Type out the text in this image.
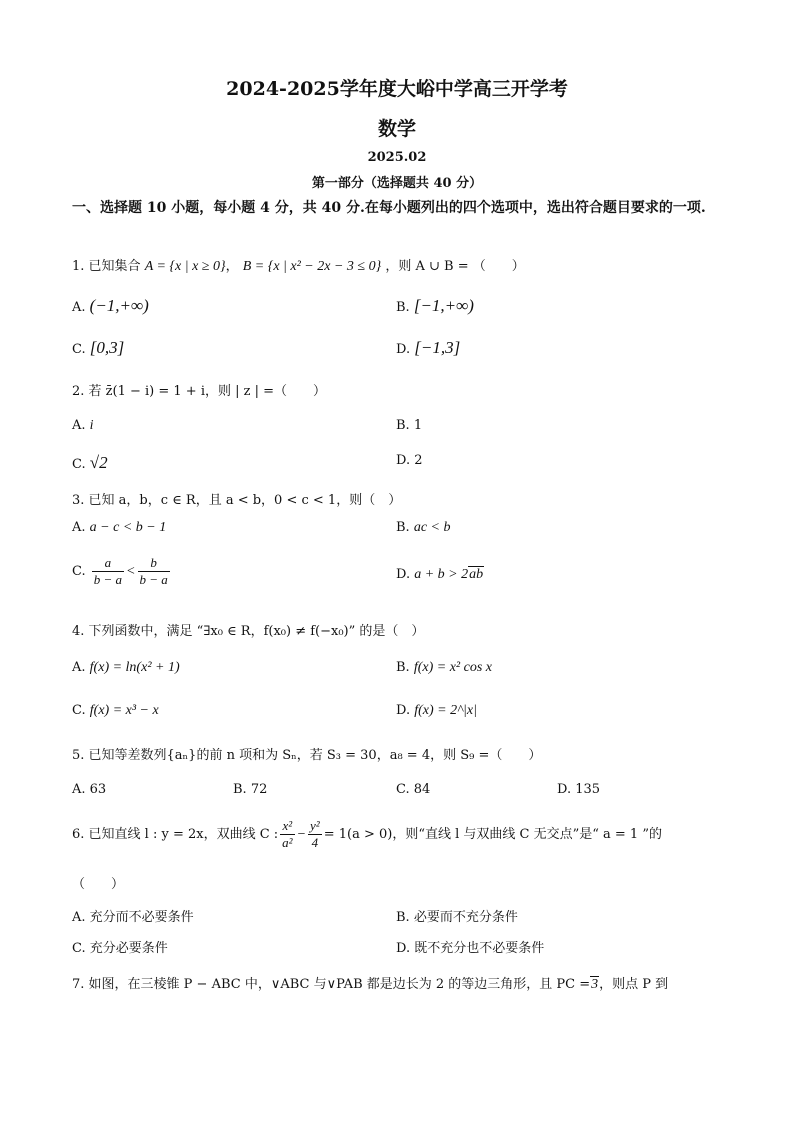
2024-2025学年度大峪中学高三开学考
数学
2025.02
第一部分（选择题共 40 分）
一、选择题 10 小题，每小题 4 分，共 40 分.在每小题列出的四个选项中，选出符合题目要求的一项.
1. 已知集合 A = {x | x ≥ 0}， B = {x | x² − 2x − 3 ≤ 0} ，则 A ∪ B = （　　）
A. (−1,+∞)	B. [−1,+∞)
C. [0,3]	D. [−1,3]
2. 若 z̄(1 − i) = 1 + i，则 | z | =（　　）
A. i	B. 1
C. √2	D. 2
3. 已知 a，b，c ∈ R，且 a < b，0 < c < 1，则（　）
A. a − c < b − 1	B. ac < b
C. $\frac{a}{b - a} < \frac{b}{b - a}$	D. a + b > 2ab
4. 下列函数中，满足 “∃x₀ ∈ R，f(x₀) ≠ f(−x₀)” 的是（　）
A. f(x) = ln(x² + 1)	B. f(x) = x² cos x
C. f(x) = x³ − x	D. f(x) = 2^|x|
5. 已知等差数列{aₙ}的前 n 项和为 Sₙ，若 S₃ = 30，a₈ = 4，则 S₉ =（　　）
A. 63	B. 72	C. 84	D. 135
6. 已知直线 l : y = 2x，双曲线 C : $\frac{\text{x²}}{\text{a²}} - \frac{\text{y²}}{4} = 1(a > 0)$，则“直线 l 与双曲线 C 无交点”是“ a = 1 ”的
（　　）
A. 充分而不必要条件	B. 必要而不充分条件
C. 充分必要条件	D. 既不充分也不必要条件
7. 如图，在三棱锥 P − ABC 中，∨ABC 与∨PAB 都是边长为 2 的等边三角形，且 PC =3，则点 P 到
